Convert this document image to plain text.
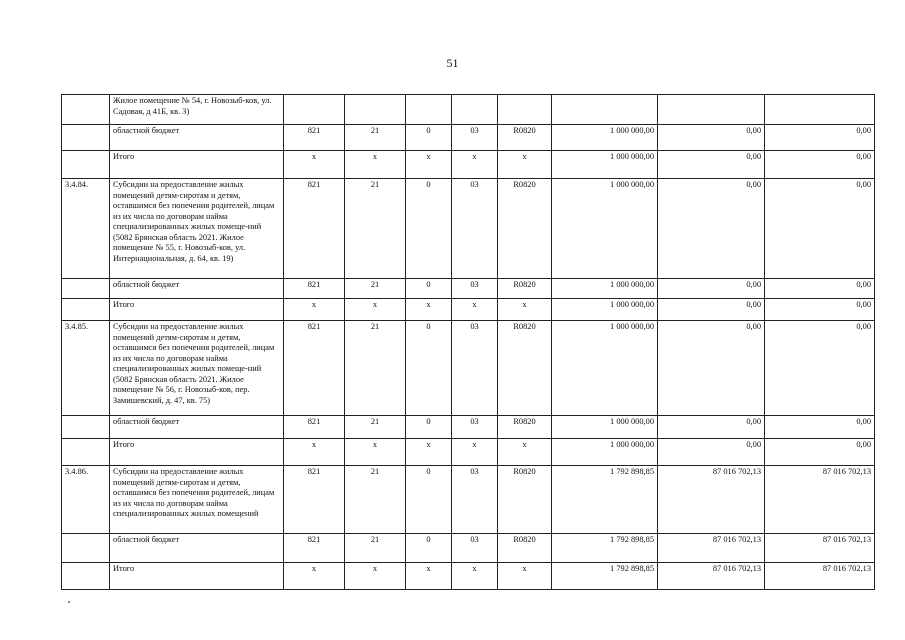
51
	Жилое помещение № 54, г. Новозыб-ков, ул. Садовая, д 41Б, кв. 3)								
	областной бюджет	821	21	0	03	R0820	1 000 000,00	0,00	0,00
	Итого	x	x	x	x	x	1 000 000,00	0,00	0,00
3.4.84.	Субсидии на предоставление жилых помещений детям-сиротам и детям, оставшимся без попечения родителей, лицам из их числа по договорам найма специализированных жилых помеще-ний (5082 Брянская область 2021. Жилое помещение № 55, г. Новозыб-ков, ул. Интернациональная, д. 64, кв. 19)	821	21	0	03	R0820	1 000 000,00	0,00	0,00
	областной бюджет	821	21	0	03	R0820	1 000 000,00	0,00	0,00
	Итого	x	x	x	x	x	1 000 000,00	0,00	0,00
3.4.85.	Субсидии на предоставление жилых помещений детям-сиротам и детям, оставшимся без попечения родителей, лицам из их числа по договорам найма специализированных жилых помеще-ний (5082 Брянская область 2021. Жилое помещение № 56, г. Новозыб-ков, пер. Замишевский, д. 47, кв. 75)	821	21	0	03	R0820	1 000 000,00	0,00	0,00
	областной бюджет	821	21	0	03	R0820	1 000 000,00	0,00	0,00
	Итого	x	x	x	x	x	1 000 000,00	0,00	0,00
3.4.86.	Субсидии на предоставление жилых помещений детям-сиротам и детям, оставшимся без попечения родителей, лицам из их числа по договорам найма специализированных жилых помещений	821	21	0	03	R0820	1 792 898,85	87 016 702,13	87 016 702,13
	областной бюджет	821	21	0	03	R0820	1 792 898,85	87 016 702,13	87 016 702,13
	Итого	x	x	x	x	x	1 792 898,85	87 016 702,13	87 016 702,13
